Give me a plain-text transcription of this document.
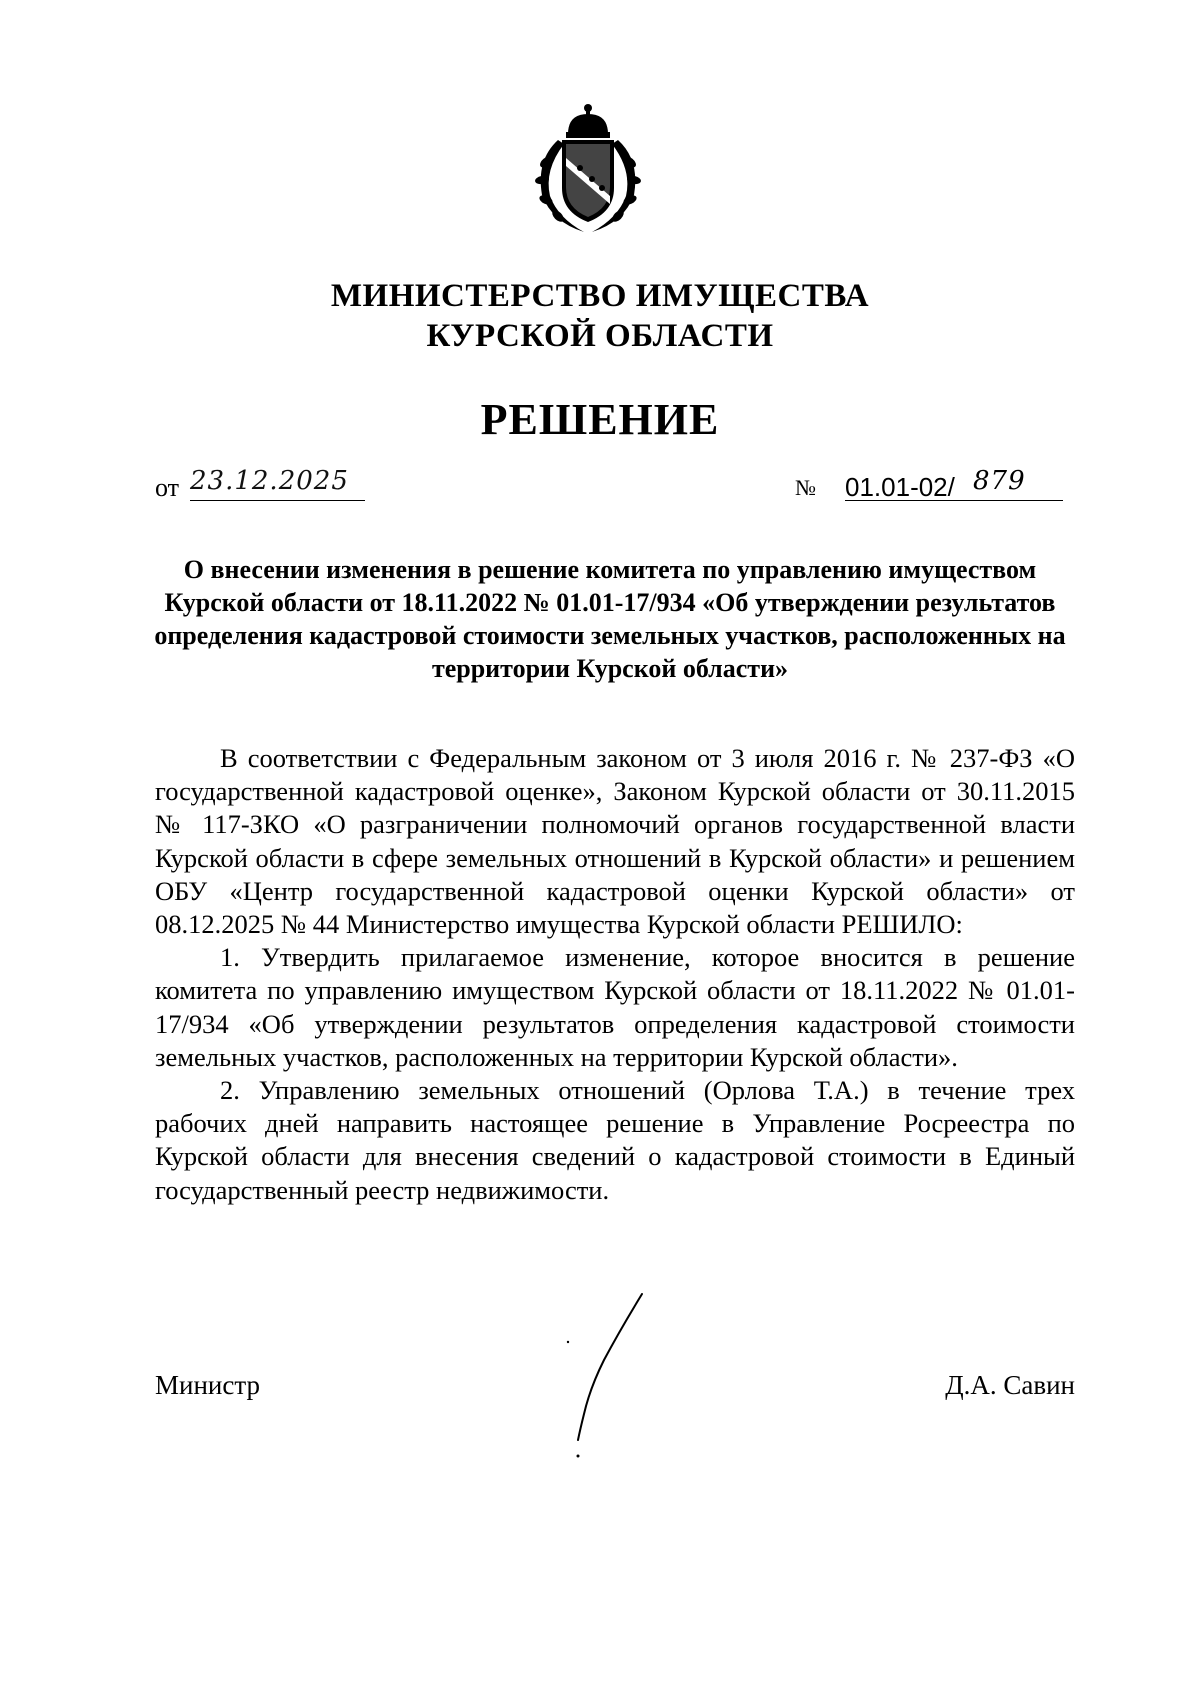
МИНИСТЕРСТВО ИМУЩЕСТВА
КУРСКОЙ ОБЛАСТИ
РЕШЕНИЕ
от 23.12.2025	№ 01.01-02/ 879
О внесении изменения в решение комитета по управлению имуществом Курской области от 18.11.2022 № 01.01-17/934 «Об утверждении результатов определения кадастровой стоимости земельных участков, расположенных на территории Курской области»

В соответствии с Федеральным законом от 3 июля 2016 г. № 237-ФЗ «О государственной кадастровой оценке», Законом Курской области от 30.11.2015 № 117-ЗКО «О разграничении полномочий органов государственной власти Курской области в сфере земельных отношений в Курской области» и решением ОБУ «Центр государственной кадастровой оценки Курской области» от 08.12.2025 № 44 Министерство имущества Курской области РЕШИЛО:

1. Утвердить прилагаемое изменение, которое вносится в решение комитета по управлению имуществом Курской области от 18.11.2022 № 01.01-17/934 «Об утверждении результатов определения кадастровой стоимости земельных участков, расположенных на территории Курской области».

2. Управлению земельных отношений (Орлова Т.А.) в течение трех рабочих дней направить настоящее решение в Управление Росреестра по Курской области для внесения сведений о кадастровой стоимости в Единый государственный реестр недвижимости.

Министр	Д.А. Савин
